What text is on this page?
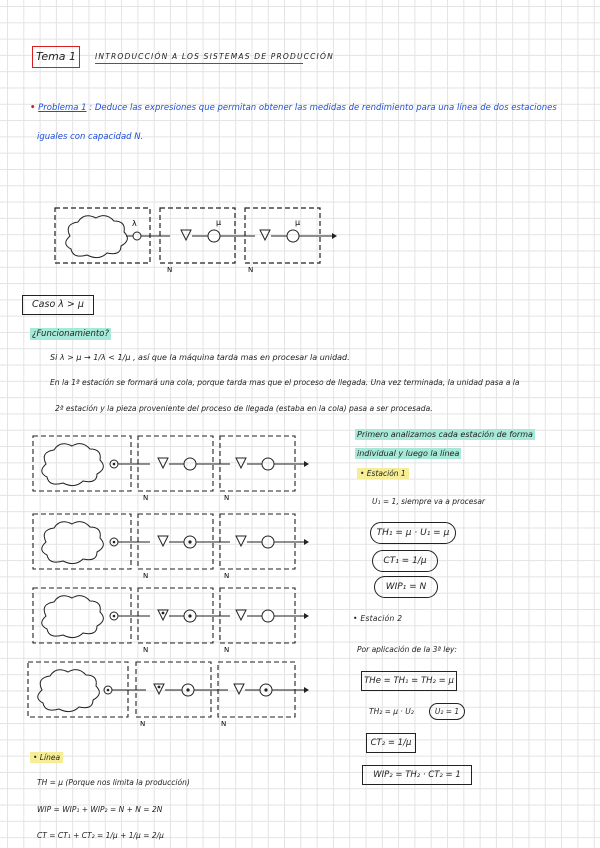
Tema 1	INTRODUCCIÓN A LOS SISTEMAS DE PRODUCCIÓN
• Problema 1 : Deduce las expresiones que permitan obtener las medidas de rendimiento para una línea de dos estaciones
iguales con capacidad N.
λ	μ	μ
N	N
Caso λ > μ
¿Funcionamiento?
Si λ > μ → 1/λ < 1/μ , así que la máquina tarda mas en procesar la unidad.
En la 1ª estación se formará una cola, porque tarda mas que el proceso de llegada. Una vez terminada, la unidad pasa a la
2ª estación y la pieza proveniente del proceso de llegada (estaba en la cola) pasa a ser procesada.
N	N
N	N
N	N
N	N
Primero analizamos cada estación de forma
individual y luego la línea
• Estación 1
U₁ = 1, siempre va a procesar
TH₁ = μ · U₁ = μ
CT₁ = 1/μ
WIP₁ = N
• Estación 2
Por aplicación de la 3ª ley:
THe = TH₁ = TH₂ = μ
TH₂ = μ · U₂	U₂ = 1
CT₂ = 1/μ
WIP₂ = TH₂ · CT₂ = 1
• Línea
TH = μ (Porque nos limita la producción)
WIP = WIP₁ + WIP₂ = N + N = 2N
CT = CT₁ + CT₂ = 1/μ + 1/μ = 2/μ
